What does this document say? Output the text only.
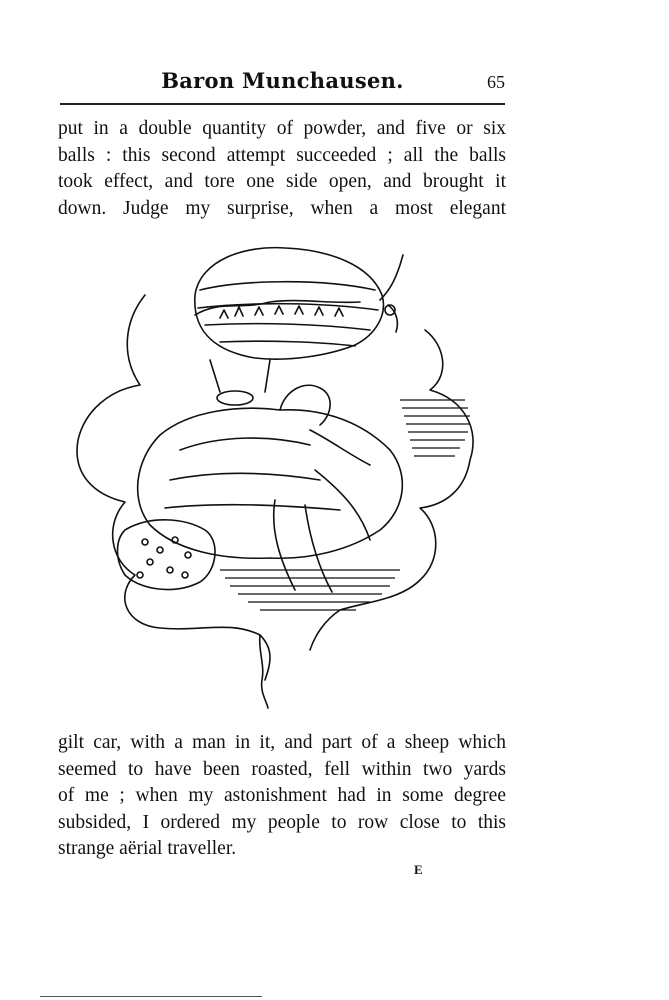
Baron Munchausen.	65

put in a double quantity of powder, and five or six
balls : this second attempt succeeded ; all the balls
took effect, and tore one side open, and brought it
down. Judge my surprise, when a most elegant

gilt car, with a man in it, and part of a sheep which
seemed to have been roasted, fell within two yards
of me ; when my astonishment had in some degree
subsided, I ordered my people to row close to this
strange aërial traveller.

E
